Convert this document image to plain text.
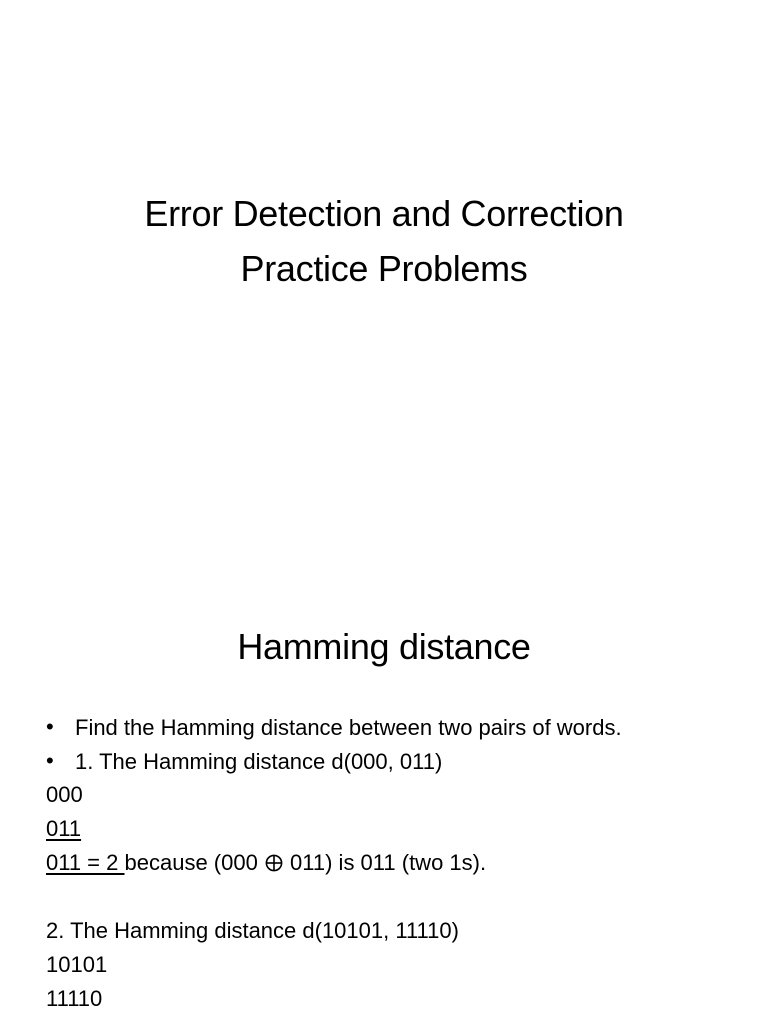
Error Detection and Correction
Practice Problems
Hamming distance
• Find the Hamming distance between two pairs of words.
• 1. The Hamming distance d(000, 011)
000
011
011 = 2 because (000  011) is 011 (two 1s).
2. The Hamming distance d(10101, 11110)
10101
11110
